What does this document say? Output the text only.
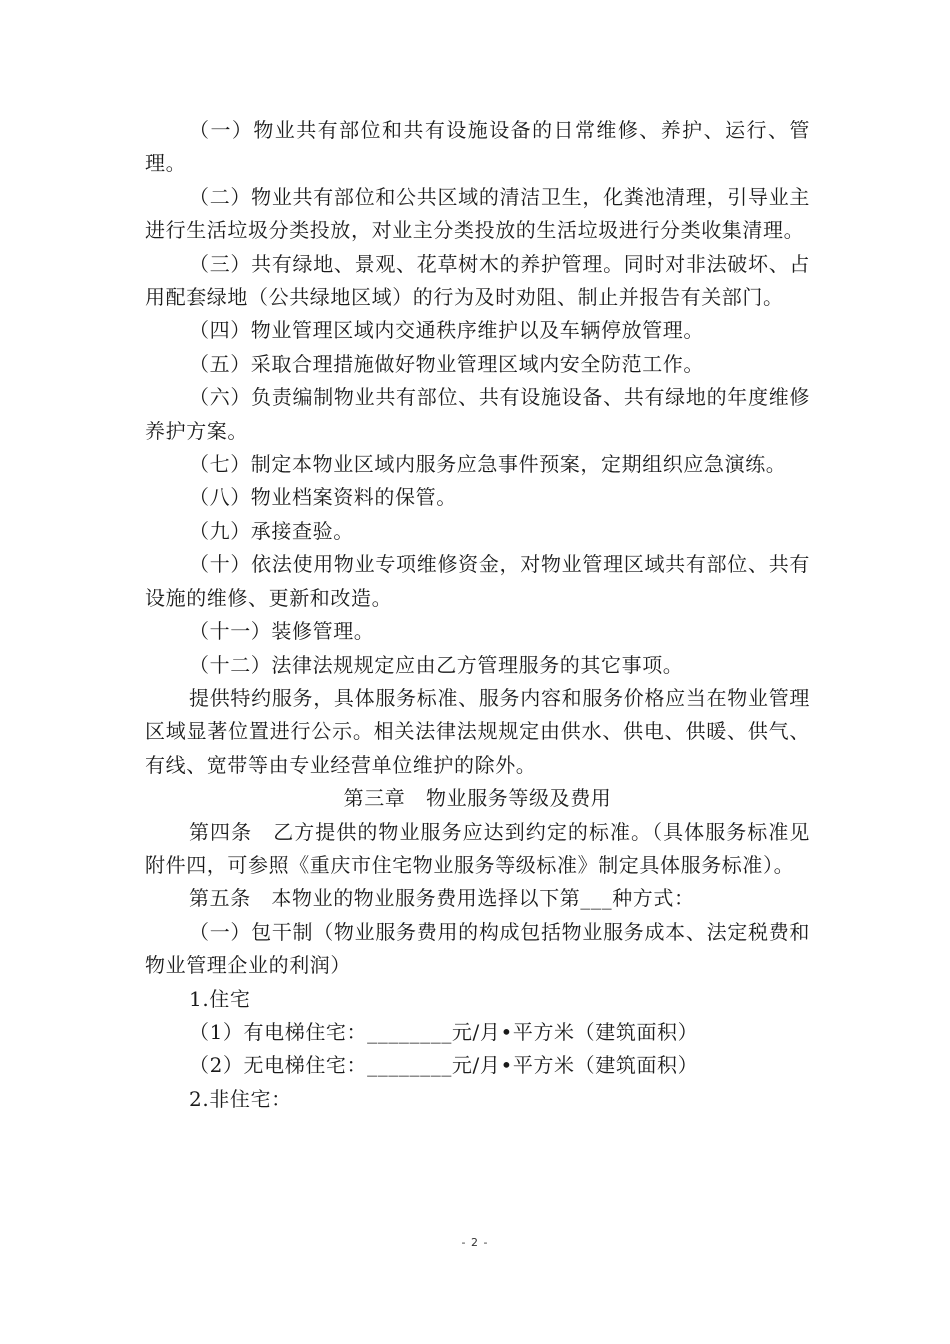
（一）物业共有部位和共有设施设备的日常维修、养护、运行、管理。

（二）物业共有部位和公共区域的清洁卫生，化粪池清理，引导业主进行生活垃圾分类投放，对业主分类投放的生活垃圾进行分类收集清理。

（三）共有绿地、景观、花草树木的养护管理。同时对非法破坏、占用配套绿地（公共绿地区域）的行为及时劝阻、制止并报告有关部门。

（四）物业管理区域内交通秩序维护以及车辆停放管理。

（五）采取合理措施做好物业管理区域内安全防范工作。

（六）负责编制物业共有部位、共有设施设备、共有绿地的年度维修养护方案。

（七）制定本物业区域内服务应急事件预案，定期组织应急演练。

（八）物业档案资料的保管。

（九）承接查验。

（十）依法使用物业专项维修资金，对物业管理区域共有部位、共有设施的维修、更新和改造。

（十一）装修管理。

（十二）法律法规规定应由乙方管理服务的其它事项。

提供特约服务，具体服务标准、服务内容和服务价格应当在物业管理区域显著位置进行公示。相关法律法规规定由供水、供电、供暖、供气、有线、宽带等由专业经营单位维护的除外。

第三章　物业服务等级及费用

第四条　乙方提供的物业服务应达到约定的标准。（具体服务标准见附件四，可参照《重庆市住宅物业服务等级标准》制定具体服务标准）。

第五条　本物业的物业服务费用选择以下第___种方式：

（一）包干制（物业服务费用的构成包括物业服务成本、法定税费和物业管理企业的利润）

1.住宅

（1）有电梯住宅：________元/月•平方米（建筑面积）

（2）无电梯住宅：________元/月•平方米（建筑面积）

2.非住宅：

- 2 -
